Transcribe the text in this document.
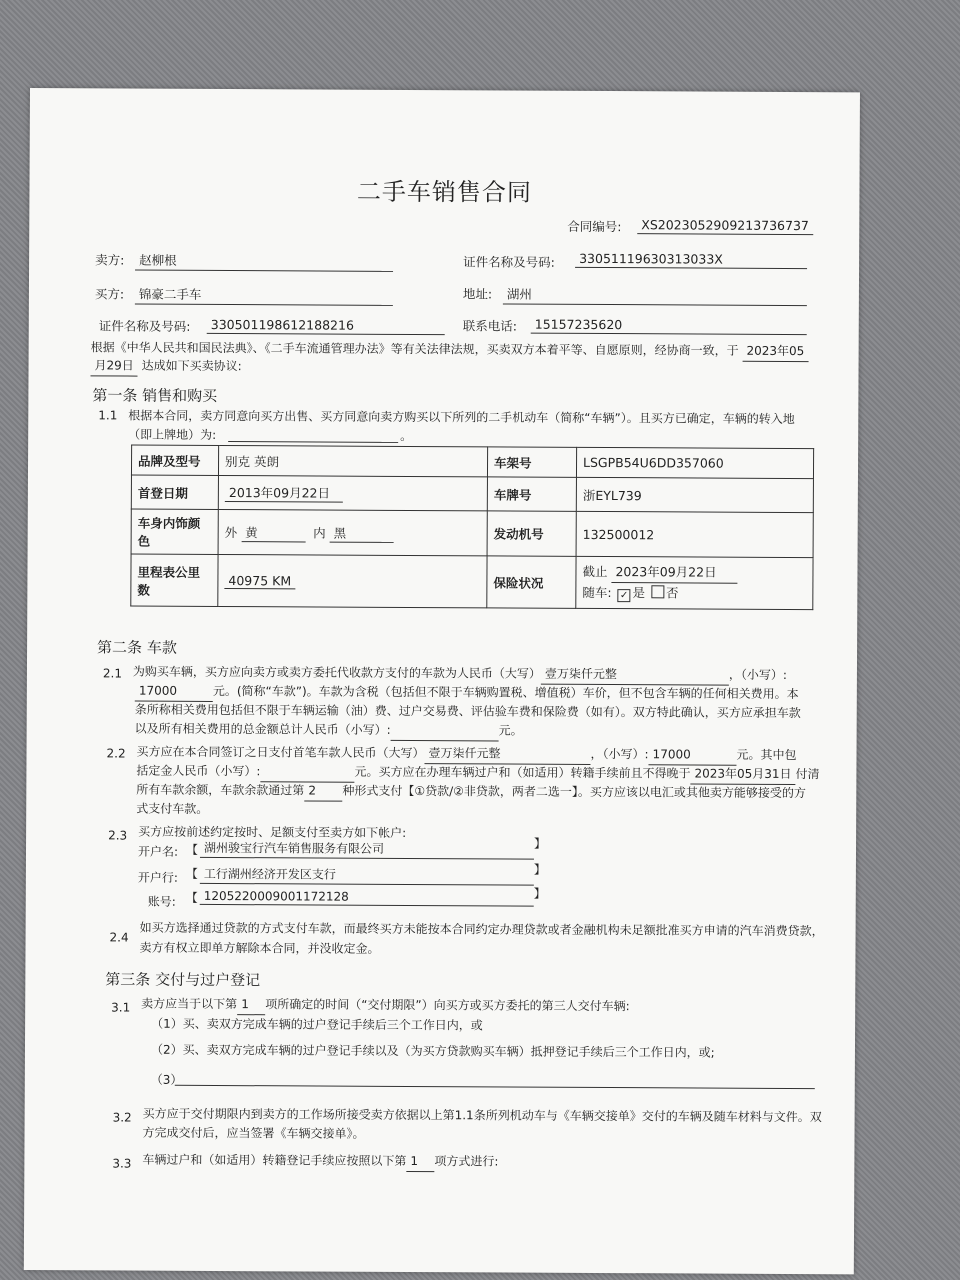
二手车销售合同
合同编号:	XS2023052909213736737
卖方:	赵柳根	证件名称及号码:	33051119630313033X
买方:	锦豪二手车	地址:	湖州
证件名称及号码:	330501198612188216	联系电话:	15157235620
根据《中华人民共和国民法典》、《二手车流通管理办法》等有关法律法规，买卖双方本着平等、自愿原则，经协商一致，于 2023年05
月29日 达成如下买卖协议:
第一条 销售和购买
1.1 根据本合同，卖方同意向买方出售、买方同意向卖方购买以下所列的二手机动车（简称“车辆”）。且买方已确定，车辆的转入地
（即上牌地）为:	。
品牌及型号	别克 英朗	车架号	LSGPB54U6DD357060
首登日期	2013年09月22日	车牌号	浙EYL739
车身内饰颜色	外 黄 内 黑	发动机号	132500012
里程表公里数	40975 KM	保险状况	截止 2023年09月22日
随车: ✓ 是 否
第二条 车款
2.1 为购买车辆，买方应向卖方或卖方委托代收款方支付的车款为人民币（大写） 壹万柒仟元整	，（小写）:
17000	元。(简称“车款”)。车款为含税（包括但不限于车辆购置税、增值税）车价，但不包含车辆的任何相关费用。本
条所称相关费用包括但不限于车辆运输（油）费、过户交易费、评估验车费和保险费（如有）。双方特此确认，买方应承担车款
以及所有相关费用的总金额总计人民币（小写）: ​	元。
2.2 买方应在本合同签订之日支付首笔车款人民币（大写） 壹万柒仟元整	，（小写）: 17000	元。其中包
括定金人民币（小写）: ​	元。买方应在办理车辆过户和（如适用）转籍手续前且不得晚于 2023年05月31日 付清
所有车款余额，车款余款通过第 2 种形式支付【①贷款/②非贷款，两者二选一】。买方应该以电汇或其他卖方能够接受的方
式支付车款。
2.3 买方应按前述约定按时、足额支付至卖方如下帐户:
开户名: 【 湖州骏宝行汽车销售服务有限公司	】
开户行: 【 工行湖州经济开发区支行	】
账号: 【 1205220009001172128	】
2.4 如买方选择通过贷款的方式支付车款，而最终买方未能按本合同约定办理贷款或者金融机构未足额批准买方申请的汽车消费贷款，
卖方有权立即单方解除本合同，并没收定金。
第三条 交付与过户登记
3.1 卖方应当于以下第 1 项所确定的时间（“交付期限”）向买方或买方委托的第三人交付车辆:
（1）买、卖双方完成车辆的过户登记手续后三个工作日内，或
（2）买、卖双方完成车辆的过户登记手续以及（为买方贷款购买车辆）抵押登记手续后三个工作日内，或;
（3）
3.2 买方应于交付期限内到卖方的工作场所接受卖方依据以上第1.1条所列机动车与《车辆交接单》交付的车辆及随车材料与文件。双
方完成交付后，应当签署《车辆交接单》。
3.3 车辆过户和（如适用）转籍登记手续应按照以下第 1 项方式进行:
